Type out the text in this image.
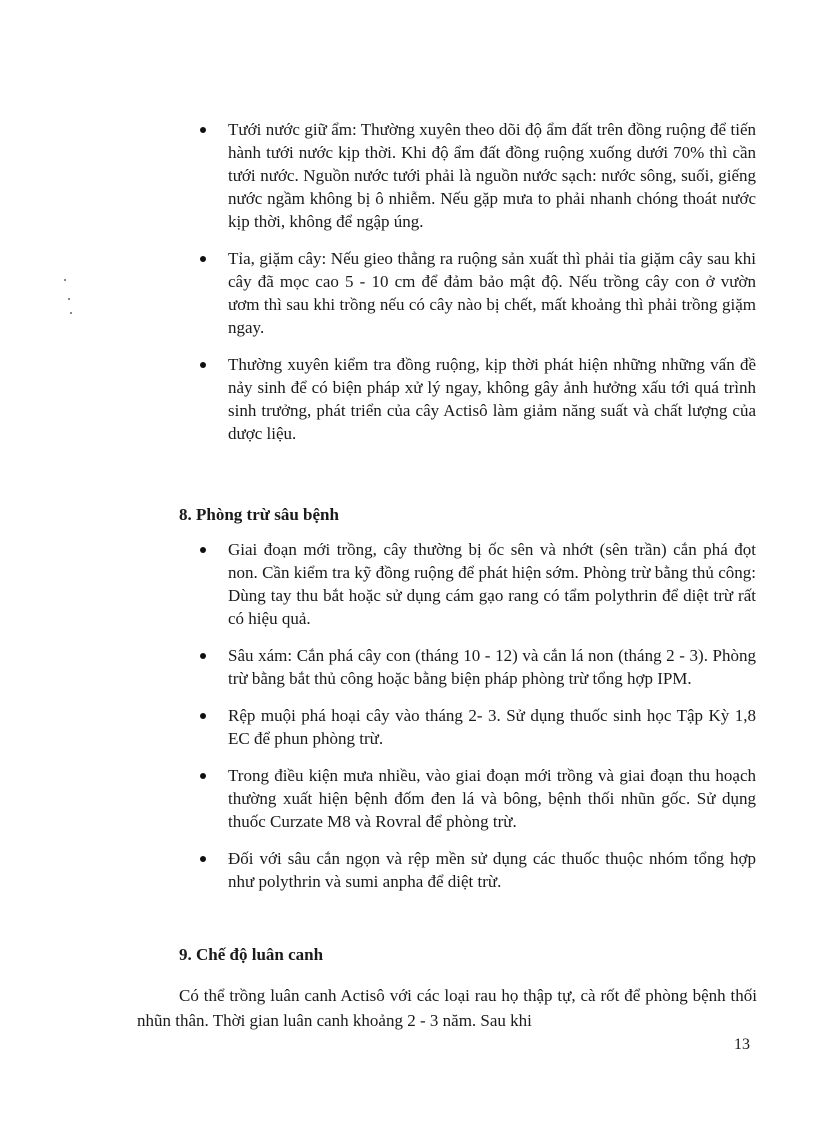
Tưới nước giữ ẩm: Thường xuyên theo dõi độ ẩm đất trên đồng ruộng để tiến hành tưới nước kịp thời. Khi độ ẩm đất đồng ruộng xuống dưới 70% thì cần tưới nước. Nguồn nước tưới phải là nguồn nước sạch: nước sông, suối, giếng nước ngầm không bị ô nhiễm. Nếu gặp mưa to phải nhanh chóng thoát nước kịp thời, không để ngập úng.
Tỉa, giặm cây: Nếu gieo thẳng ra ruộng sản xuất thì phải tỉa giặm cây sau khi cây đã mọc cao 5 - 10 cm để đảm bảo mật độ. Nếu trồng cây con ở vườn ươm thì sau khi trồng nếu có cây nào bị chết, mất khoảng thì phải trồng giặm ngay.
Thường xuyên kiểm tra đồng ruộng, kịp thời phát hiện những những vấn đề nảy sinh để có biện pháp xử lý ngay, không gây ảnh hưởng xấu tới quá trình sinh trưởng, phát triển của cây Actisô làm giảm năng suất và chất lượng của dược liệu.
8. Phòng trừ sâu bệnh
Giai đoạn mới trồng, cây thường bị ốc sên và nhớt (sên trần) cắn phá đọt non. Cần kiểm tra kỹ đồng ruộng để phát hiện sớm. Phòng trừ bằng thủ công: Dùng tay thu bắt hoặc sử dụng cám gạo rang có tẩm polythrin để diệt trừ rất có hiệu quả.
Sâu xám: Cắn phá cây con (tháng 10 - 12) và cắn lá non (tháng 2 - 3). Phòng trừ bằng bắt thủ công hoặc bằng biện pháp phòng trừ tổng hợp IPM.
Rệp muội phá hoại cây vào tháng 2- 3. Sử dụng thuốc sinh học Tập Kỳ 1,8 EC để phun phòng trừ.
Trong điều kiện mưa nhiều, vào giai đoạn mới trồng và giai đoạn thu hoạch thường xuất hiện bệnh đốm đen lá và bông, bệnh thối nhũn gốc. Sử dụng thuốc Curzate M8 và Rovral để phòng trừ.
Đối với sâu cắn ngọn và rệp mền sử dụng các thuốc thuộc nhóm tổng hợp như polythrin và sumi anpha để diệt trừ.
9. Chế độ luân canh

Có thể trồng luân canh Actisô với các loại rau họ thập tự, cà rốt để phòng bệnh thối nhũn thân. Thời gian luân canh khoảng 2 - 3 năm. Sau khi

13
